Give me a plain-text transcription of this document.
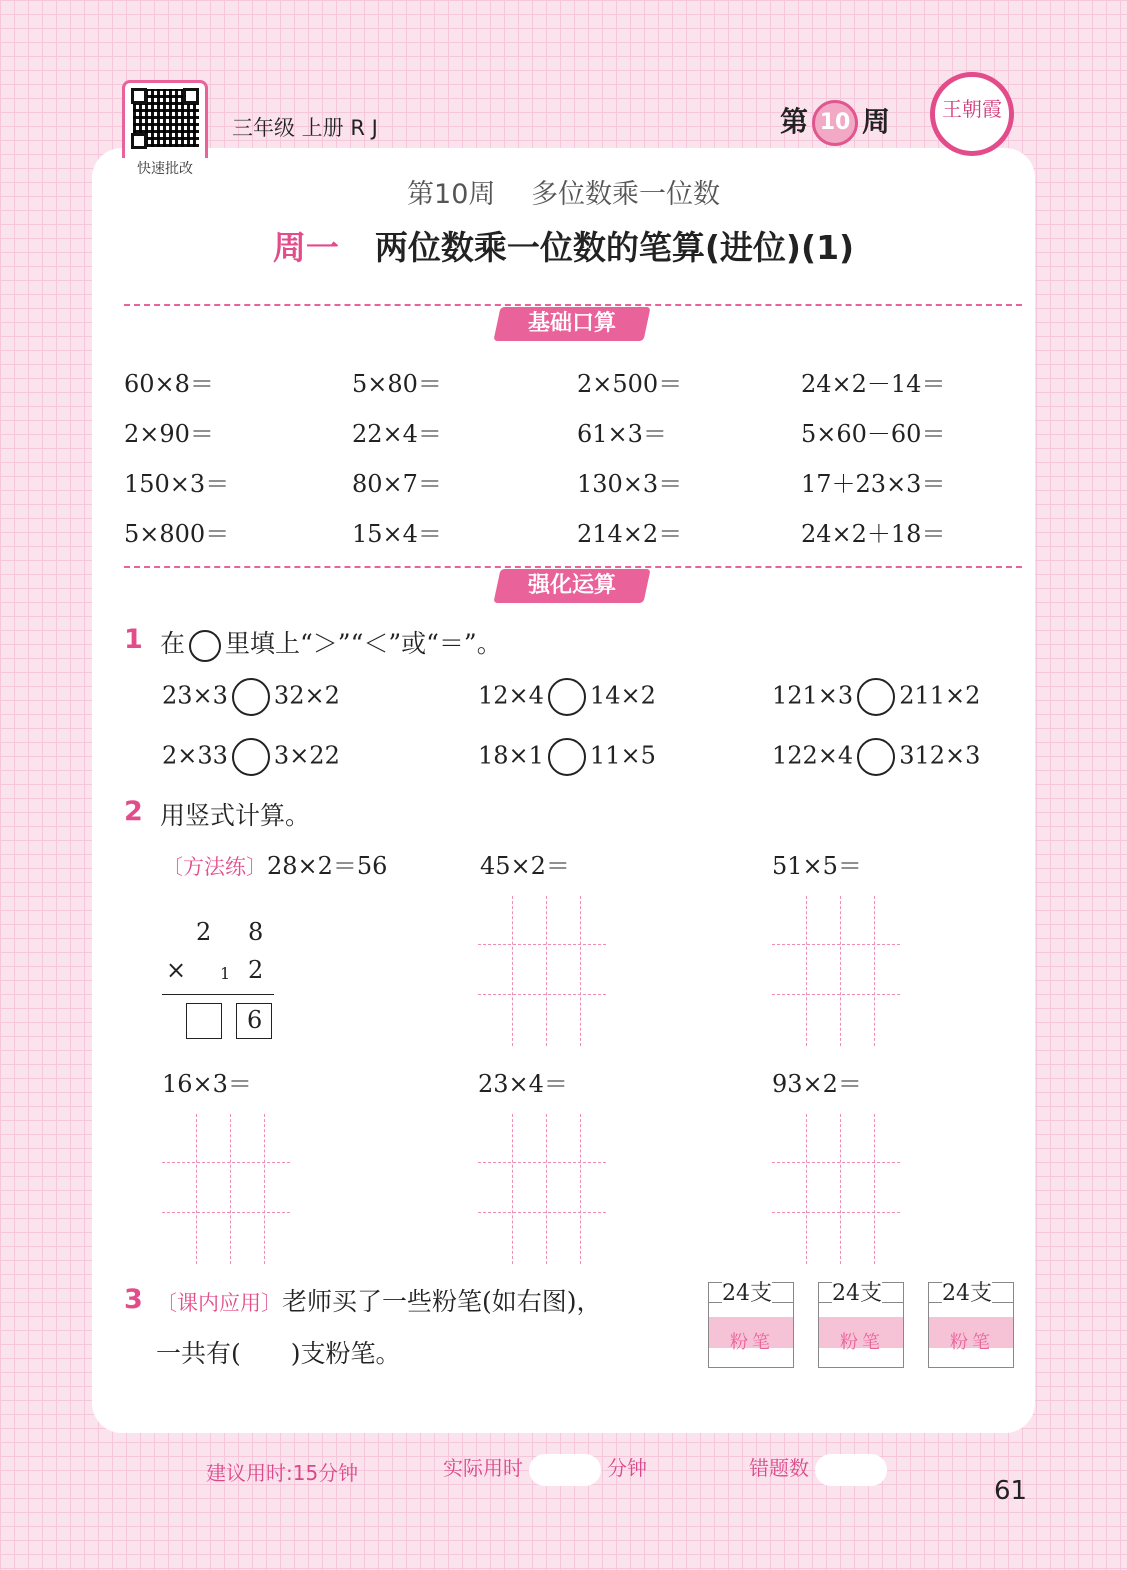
快速批改
三年级 上册 R J	第 10 周	王朝霞
第10周　 多位数乘一位数
周一 两位数乘一位数的笔算(进位)(1)
基础口算
60×8＝	5×80＝	2×500＝	24×2－14＝
2×90＝	22×4＝	61×3＝	5×60－60＝
150×3＝	80×7＝	130×3＝	17＋23×3＝
5×800＝	15×4＝	214×2＝	24×2＋18＝
强化运算
1 在 里填上“＞”“＜”或“＝”。
23×3 32×2	12×4 14×2	121×3 211×2
2×33 3×22	18×1 11×5	122×4 312×3
2 用竖式计算。
〔方法练〕28×2＝56	45×2＝	51×5＝
2 8
× 1 2
6
16×3＝	23×4＝	93×2＝
3 〔课内应用〕老师买了一些粉笔(如右图)，
一共有(　　)支粉笔。
24支
粉笔
24支
粉笔
24支
粉笔
建议用时:15分钟	实际用时	分钟	错题数
61
